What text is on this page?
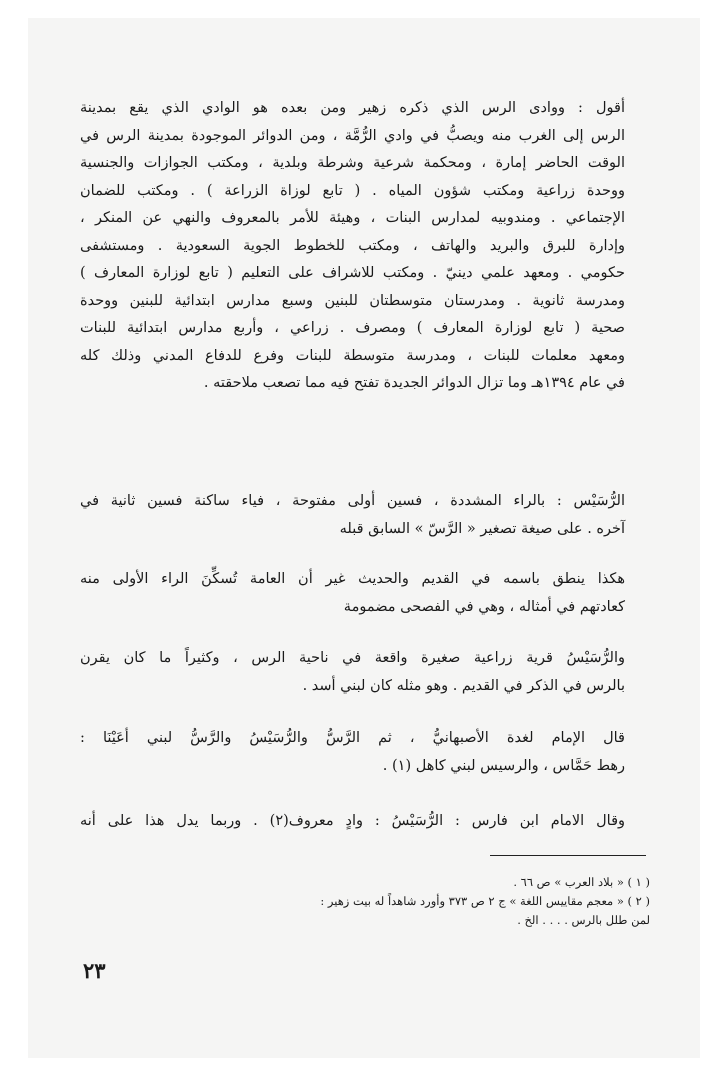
أقول : ووادى الرس الذي ذكره زهير ومن بعده هو الوادي الذي يقع بمدينة

الرس إلى الغرب منه ويصبُّ في وادي الرُّمَّة ، ومن الدوائر الموجودة بمدينة الرس في

الوقت الحاضر إمارة ، ومحكمة شرعية وشرطة وبلدية ، ومكتب الجوازات والجنسية

ووحدة زراعية ومكتب شؤون المياه . ( تابع لوزاة الزراعة ) . ومكتب للضمان

الإجتماعي . ومندوبيه لمدارس البنات ، وهيئة للأمر بالمعروف والنهي عن المنكر ،

وإدارة للبرق والبريد والهاتف ، ومكتب للخطوط الجوية السعودية . ومستشفى

حكومي . ومعهد علمي دينيّ . ومكتب للاشراف على التعليم ( تابع لوزارة المعارف )

ومدرسة ثانوية . ومدرستان متوسطتان للبنين وسبع مدارس ابتدائية للبنين ووحدة

صحية ( تابع لوزارة المعارف ) ومصرف . زراعي ، وأربع مدارس ابتدائية للبنات

ومعهد معلمات للبنات ، ومدرسة متوسطة للبنات وفرع للدفاع المدني وذلك كله

في عام ١٣٩٤هـ وما تزال الدوائر الجديدة تفتح فيه مما تصعب ملاحقته .

الرُّسَيْس : بالراء المشددة ، فسين أولى مفتوحة ، فياء ساكنة فسين ثانية في

آخره . على صيغة تصغير « الرَّسّ » السابق قبله

هكذا ينطق باسمه في القديم والحديث غير أن العامة تُسكِّنَ الراء الأولى منه

كعادتهم في أمثاله ، وهي في الفصحى مضمومة

والرُّسَيْسُ قرية زراعية صغيرة واقعة في ناحية الرس ، وكثيراً ما كان يقرن

بالرس في الذكر في القديم . وهو مثله كان لبني أسد .

قال الإمام لغدة الأصبهانيُّ ، ثم الرَّسُّ والرُّسَيْسُ والرَّسُّ لبني أعَيْنَا :

رهط حَمَّاس ، والرسيس لبني كاهل (١) .

وقال الامام ابن فارس : الرُّسَيْسُ : وادٍ معروف(٢) . وربما يدل هذا على أنه

( ١ ) « بلاد العرب » ص ٦٦ .

( ٢ ) « معجم مقاييس اللغة » ج ٢ ص ٣٧٣ وأورد شاهداً له بيت زهير :

لمن طلل بالرس . . . . الخ .

٢٣
